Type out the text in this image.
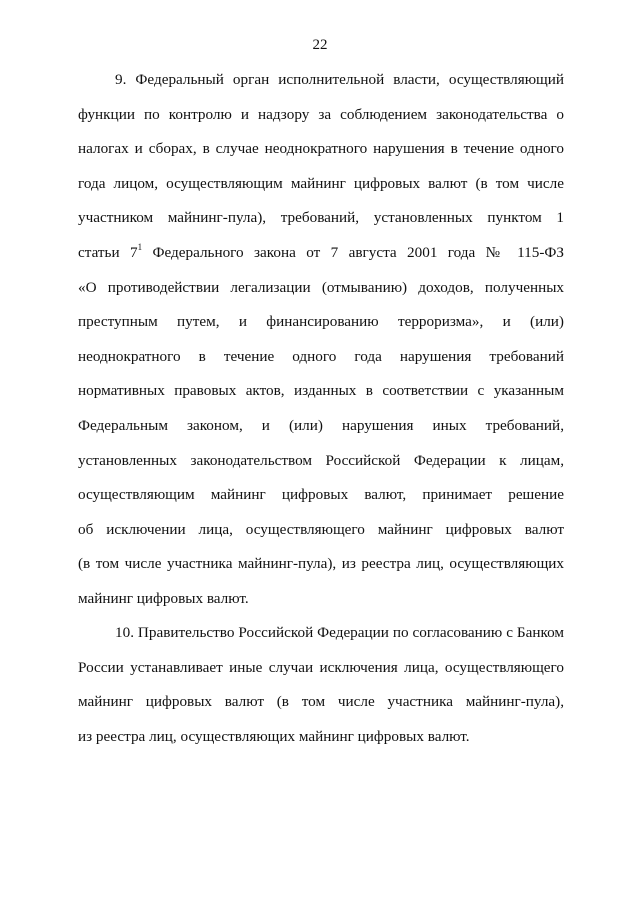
22
9. Федеральный орган исполнительной власти, осуществляющий
функции по контролю и надзору за соблюдением законодательства о
налогах и сборах, в случае неоднократного нарушения в течение одного
года лицом, осуществляющим майнинг цифровых валют (в том числе
участником майнинг-пула), требований, установленных пунктом 1
статьи $7^1$ Федерального закона от 7 августа 2001 года № 115-ФЗ
«О противодействии легализации (отмыванию) доходов, полученных
преступным путем, и финансированию терроризма», и (или)
неоднократного в течение одного года нарушения требований
нормативных правовых актов, изданных в соответствии с указанным
Федеральным законом, и (или) нарушения иных требований,
установленных законодательством Российской Федерации к лицам,
осуществляющим майнинг цифровых валют, принимает решение
об исключении лица, осуществляющего майнинг цифровых валют
(в том числе участника майнинг-пула), из реестра лиц, осуществляющих
майнинг цифровых валют.
10. Правительство Российской Федерации по согласованию с Банком
России устанавливает иные случаи исключения лица, осуществляющего
майнинг цифровых валют (в том числе участника майнинг-пула),
из реестра лиц, осуществляющих майнинг цифровых валют.
